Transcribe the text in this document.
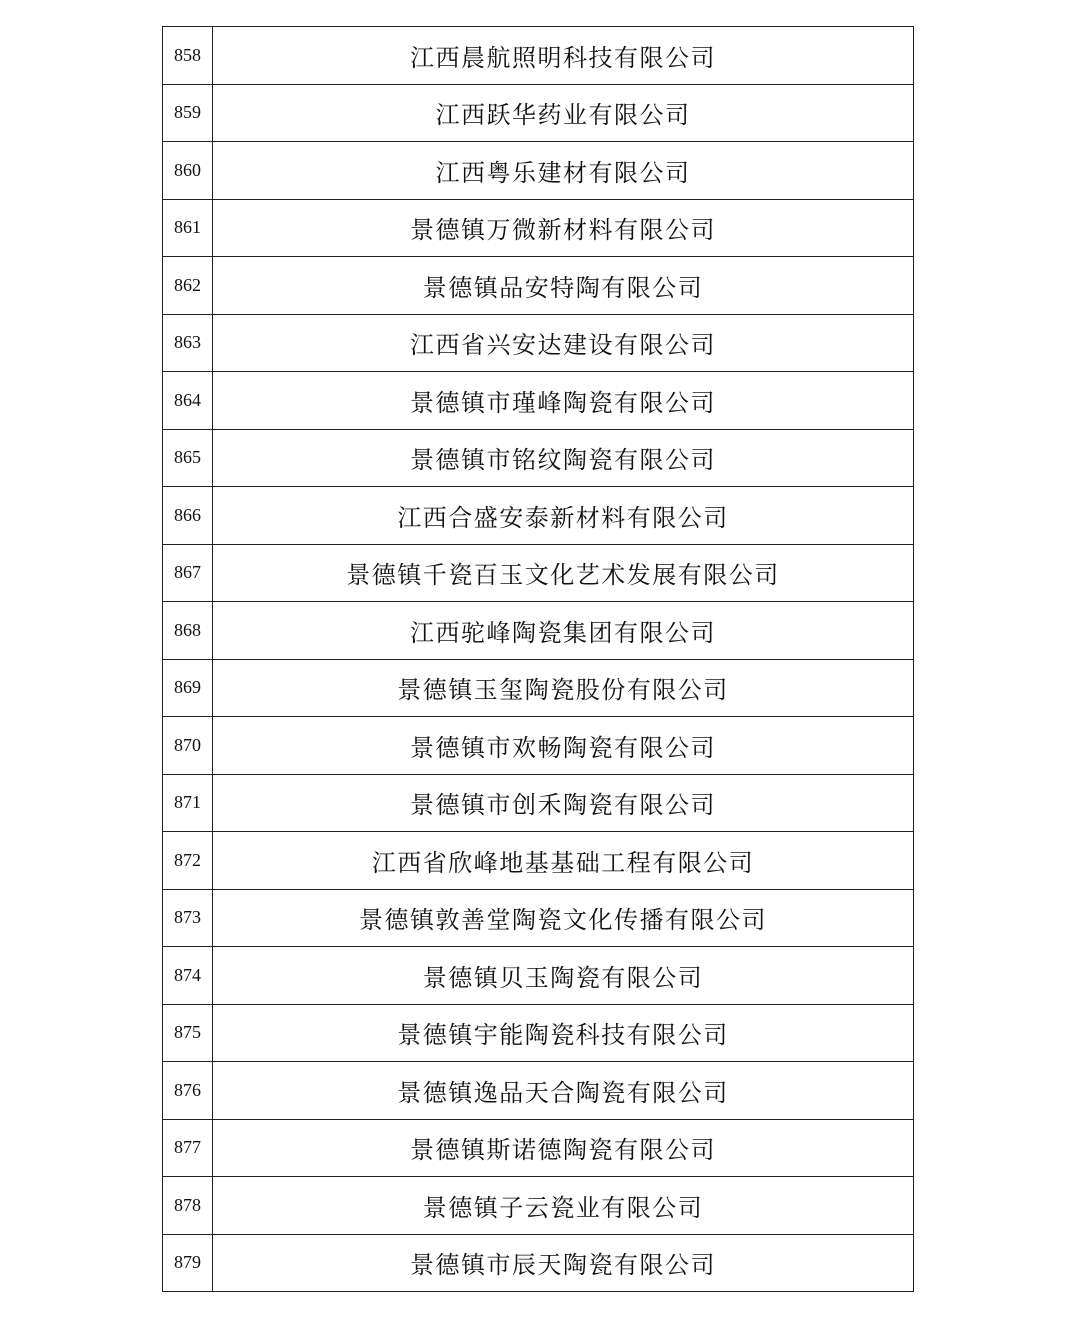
858	江西晨航照明科技有限公司
859	江西跃华药业有限公司
860	江西粤乐建材有限公司
861	景德镇万微新材料有限公司
862	景德镇品安特陶有限公司
863	江西省兴安达建设有限公司
864	景德镇市瑾峰陶瓷有限公司
865	景德镇市铭纹陶瓷有限公司
866	江西合盛安泰新材料有限公司
867	景德镇千瓷百玉文化艺术发展有限公司
868	江西驼峰陶瓷集团有限公司
869	景德镇玉玺陶瓷股份有限公司
870	景德镇市欢畅陶瓷有限公司
871	景德镇市创禾陶瓷有限公司
872	江西省欣峰地基基础工程有限公司
873	景德镇敦善堂陶瓷文化传播有限公司
874	景德镇贝玉陶瓷有限公司
875	景德镇宇能陶瓷科技有限公司
876	景德镇逸品天合陶瓷有限公司
877	景德镇斯诺德陶瓷有限公司
878	景德镇子云瓷业有限公司
879	景德镇市辰天陶瓷有限公司
